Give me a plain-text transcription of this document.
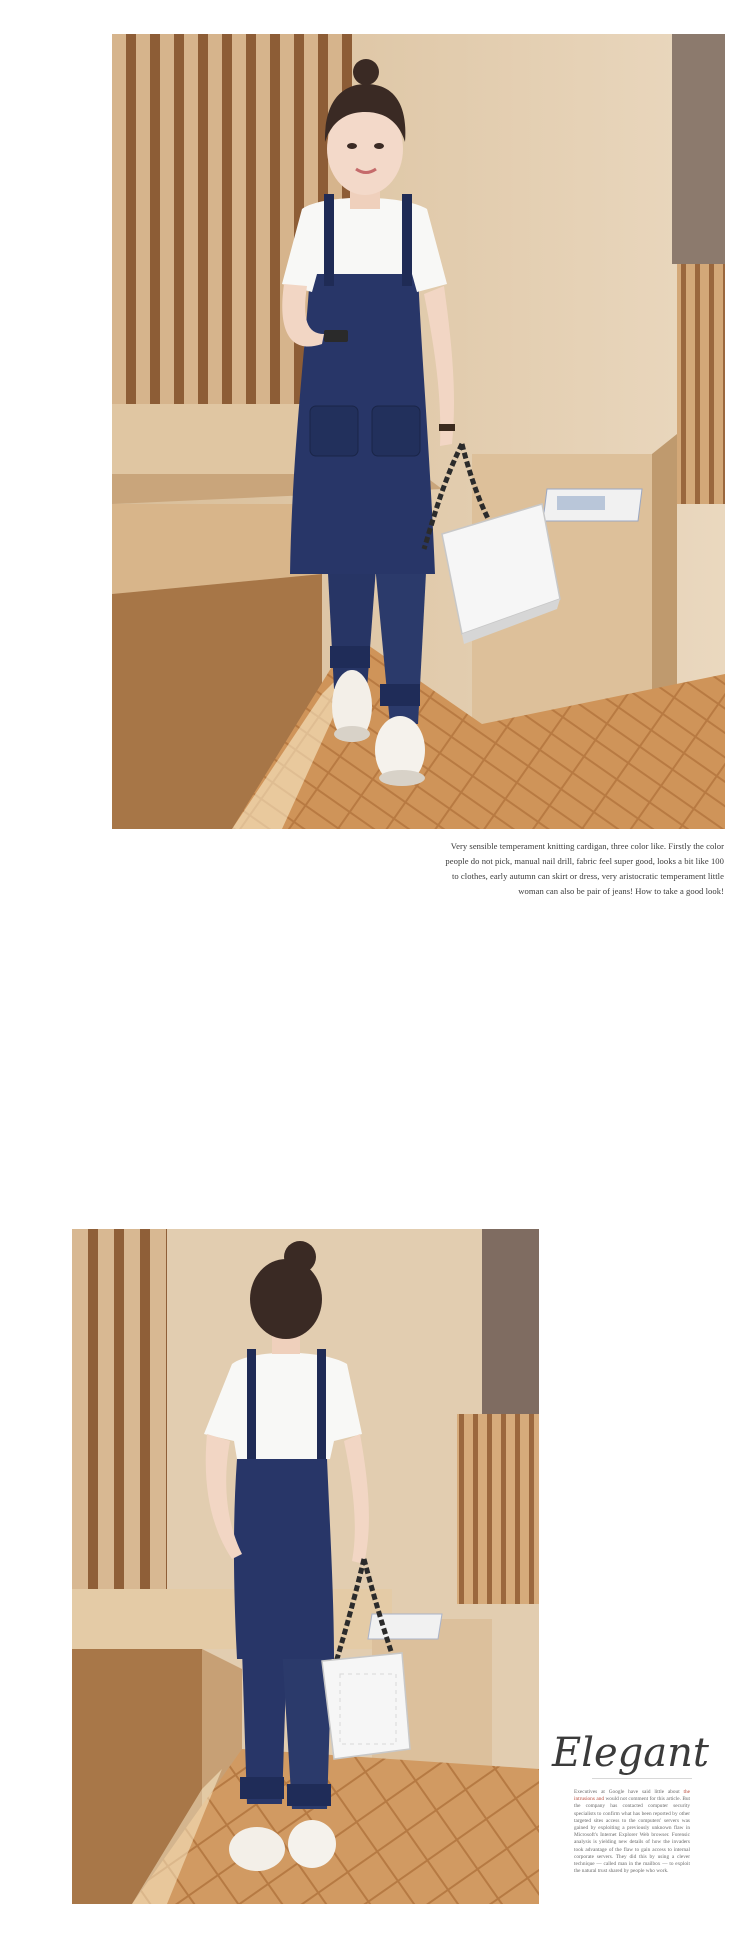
Very sensible temperament knitting cardigan, three color like. Firstly the color people do not pick, manual nail drill, fabric feel super good, looks a bit like 100 to clothes, early autumn can skirt or dress, very aristocratic temperament little woman can also be pair of jeans! How to take a good look!
Elegant

Executives at Google have said little about the intrusions and would not comment for this article. But the company has contacted computer security specialists to confirm what has been reported by other targeted sites access to the computers' servers was gained by exploiting a previously unknown flaw in Microsoft's Internet Explorer Web browser. Forensic analysis is yielding new details of how the invaders took advantage of the flaw to gain access to internal corporate servers. They did this by using a clever technique — called man in the mailbox — to exploit the natural trust shared by people who work.
